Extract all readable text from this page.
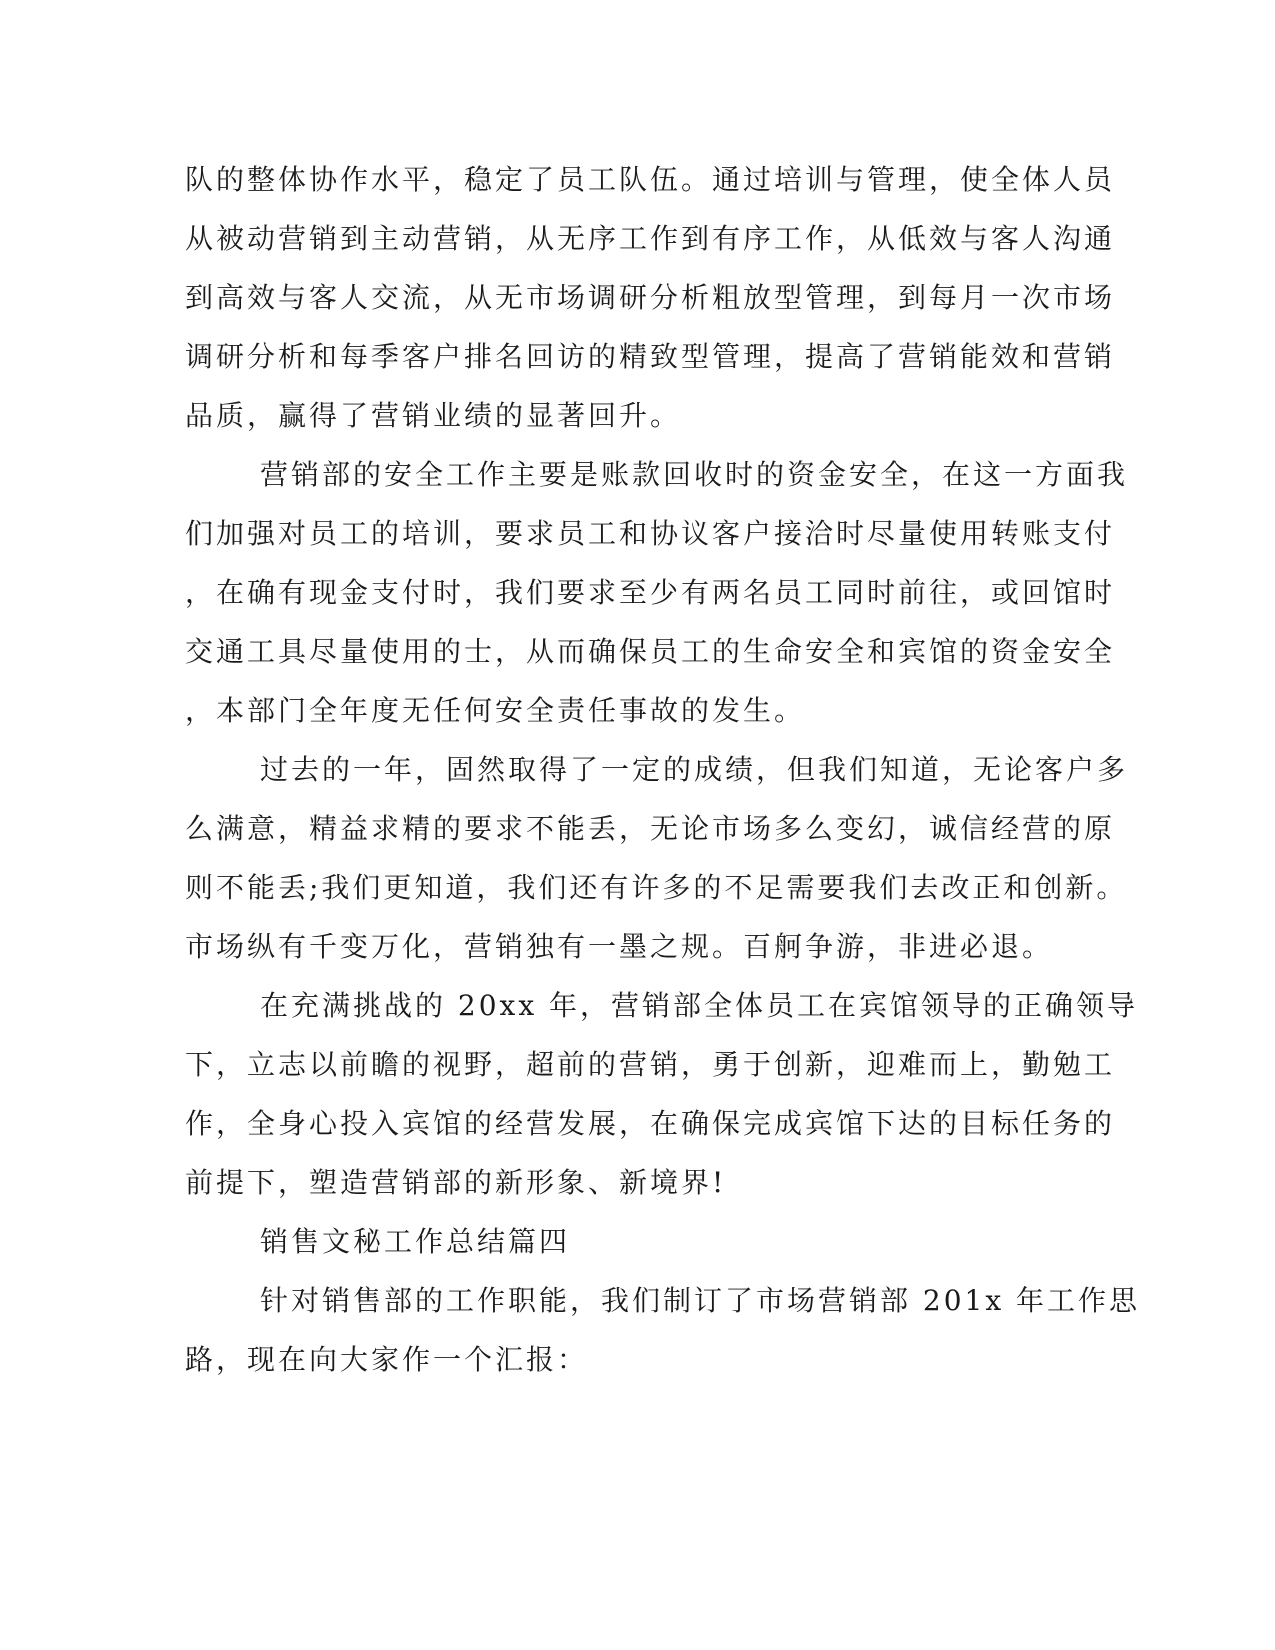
队的整体协作水平，稳定了员工队伍。通过培训与管理，使全体人员
从被动营销到主动营销，从无序工作到有序工作，从低效与客人沟通
到高效与客人交流，从无市场调研分析粗放型管理，到每月一次市场
调研分析和每季客户排名回访的精致型管理，提高了营销能效和营销
品质，赢得了营销业绩的显著回升。
营销部的安全工作主要是账款回收时的资金安全，在这一方面我
们加强对员工的培训，要求员工和协议客户接洽时尽量使用转账支付
，在确有现金支付时，我们要求至少有两名员工同时前往，或回馆时
交通工具尽量使用的士，从而确保员工的生命安全和宾馆的资金安全
，本部门全年度无任何安全责任事故的发生。
过去的一年，固然取得了一定的成绩，但我们知道，无论客户多
么满意，精益求精的要求不能丢，无论市场多么变幻，诚信经营的原
则不能丢;我们更知道，我们还有许多的不足需要我们去改正和创新。
市场纵有千变万化，营销独有一墨之规。百舸争游，非进必退。
在充满挑战的 20xx 年，营销部全体员工在宾馆领导的正确领导
下，立志以前瞻的视野，超前的营销，勇于创新，迎难而上，勤勉工
作，全身心投入宾馆的经营发展，在确保完成宾馆下达的目标任务的
前提下，塑造营销部的新形象、新境界!
销售文秘工作总结篇四
针对销售部的工作职能，我们制订了市场营销部 201x 年工作思
路，现在向大家作一个汇报：
